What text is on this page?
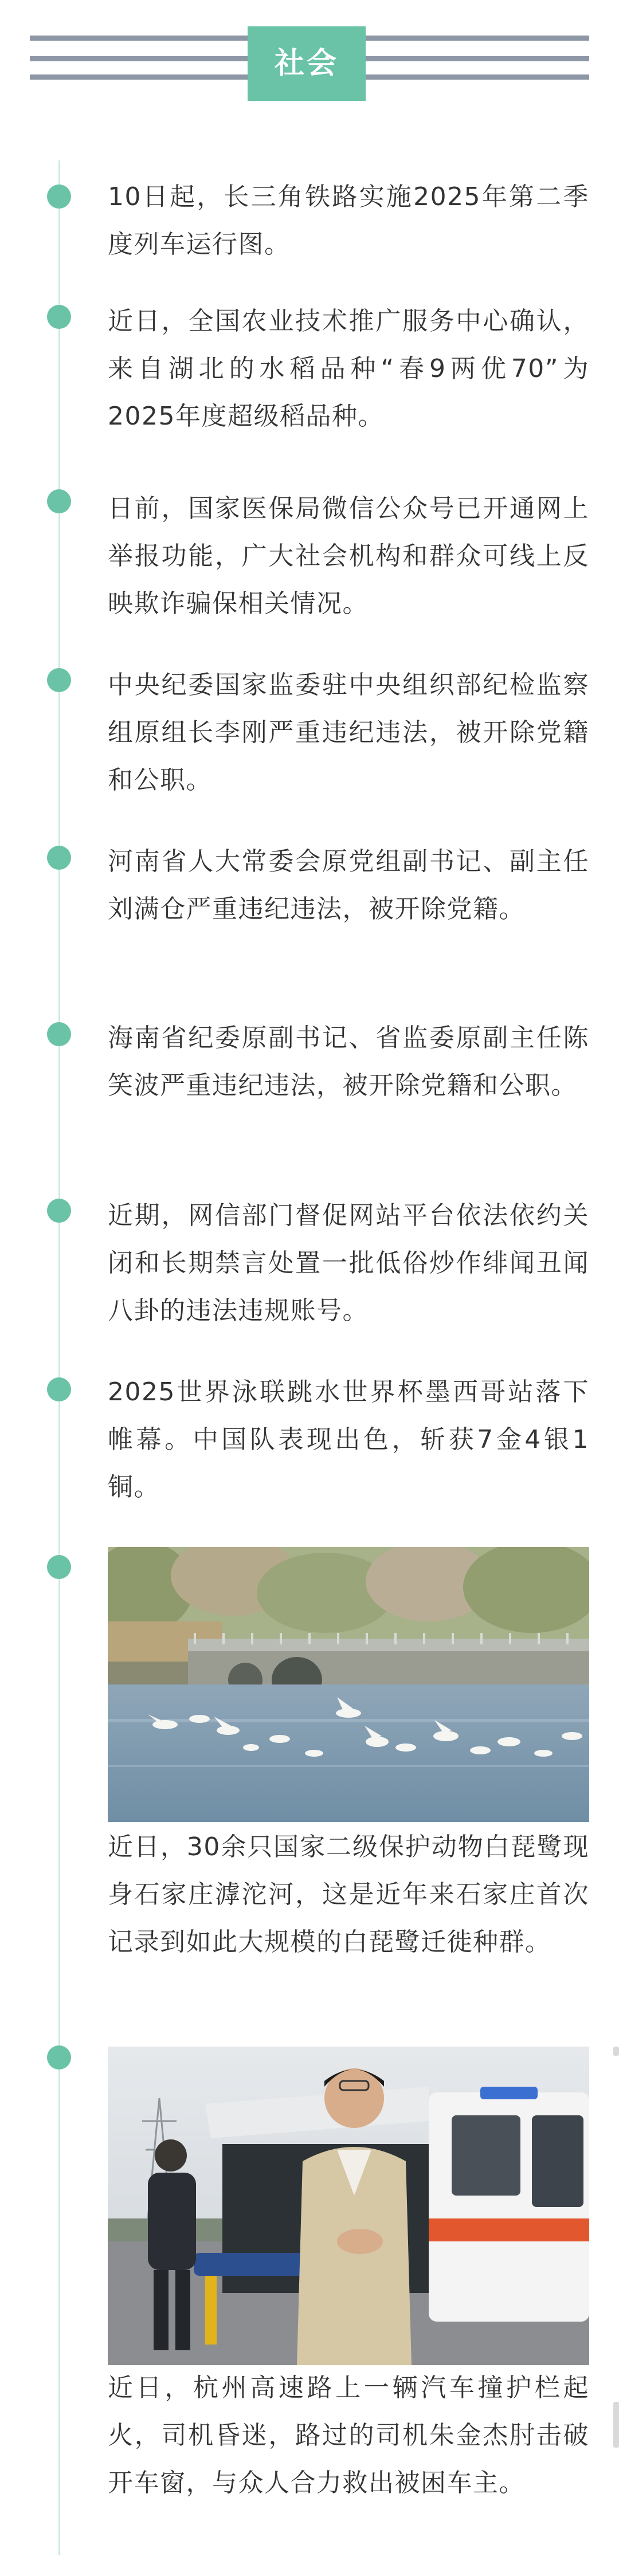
社会
10日起，长三角铁路实施2025年第二季度列车运行图。
近日，全国农业技术推广服务中心确认，来自湖北的水稻品种“春9两优70”为2025年度超级稻品种。
日前，国家医保局微信公众号已开通网上举报功能，广大社会机构和群众可线上反映欺诈骗保相关情况。
中央纪委国家监委驻中央组织部纪检监察组原组长李刚严重违纪违法，被开除党籍和公职。
河南省人大常委会原党组副书记、副主任刘满仓严重违纪违法，被开除党籍。
海南省纪委原副书记、省监委原副主任陈笑波严重违纪违法，被开除党籍和公职。
近期，网信部门督促网站平台依法依约关闭和长期禁言处置一批低俗炒作绯闻丑闻八卦的违法违规账号。
2025世界泳联跳水世界杯墨西哥站落下帷幕。中国队表现出色，斩获7金4银1铜。
近日，30余只国家二级保护动物白琵鹭现身石家庄滹沱河，这是近年来石家庄首次记录到如此大规模的白琵鹭迁徙种群。
近日，杭州高速路上一辆汽车撞护栏起火，司机昏迷，路过的司机朱金杰肘击破开车窗，与众人合力救出被困车主。
